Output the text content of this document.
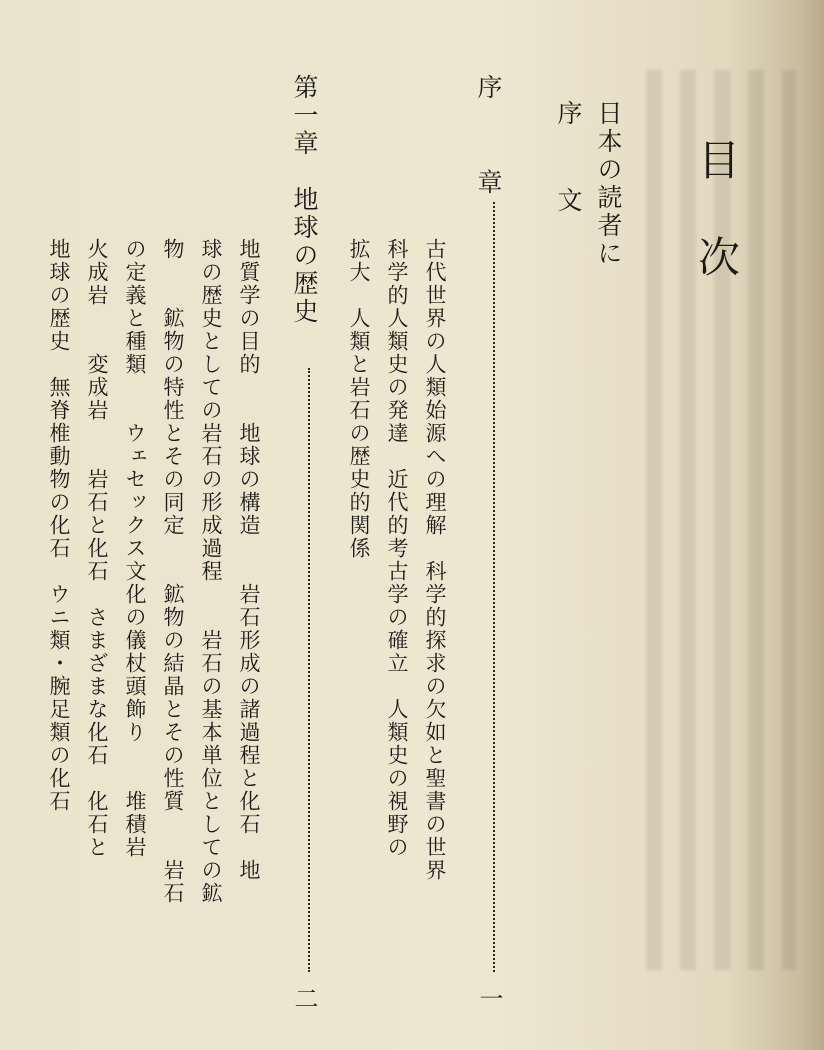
目次
日本の読者に
序文
序章
一
古代世界の人類始源への理解　科学的探求の欠如と聖書の世界
科学的人類史の発達　近代的考古学の確立　人類史の視野の
拡大　人類と岩石の歴史的関係
第一章　地球の歴史
二
地質学の目的　　地球の構造　　岩石形成の諸過程と化石　地
球の歴史としての岩石の形成過程　　岩石の基本単位としての鉱
物　　鉱物の特性とその同定　　鉱物の結晶とその性質　　岩石
の定義と種類　　ウェセックス文化の儀杖頭飾り　　堆積岩
火成岩　　変成岩　　岩石と化石　さまざまな化石　化石と
地球の歴史　無脊椎動物の化石　ウニ類・腕足類の化石
